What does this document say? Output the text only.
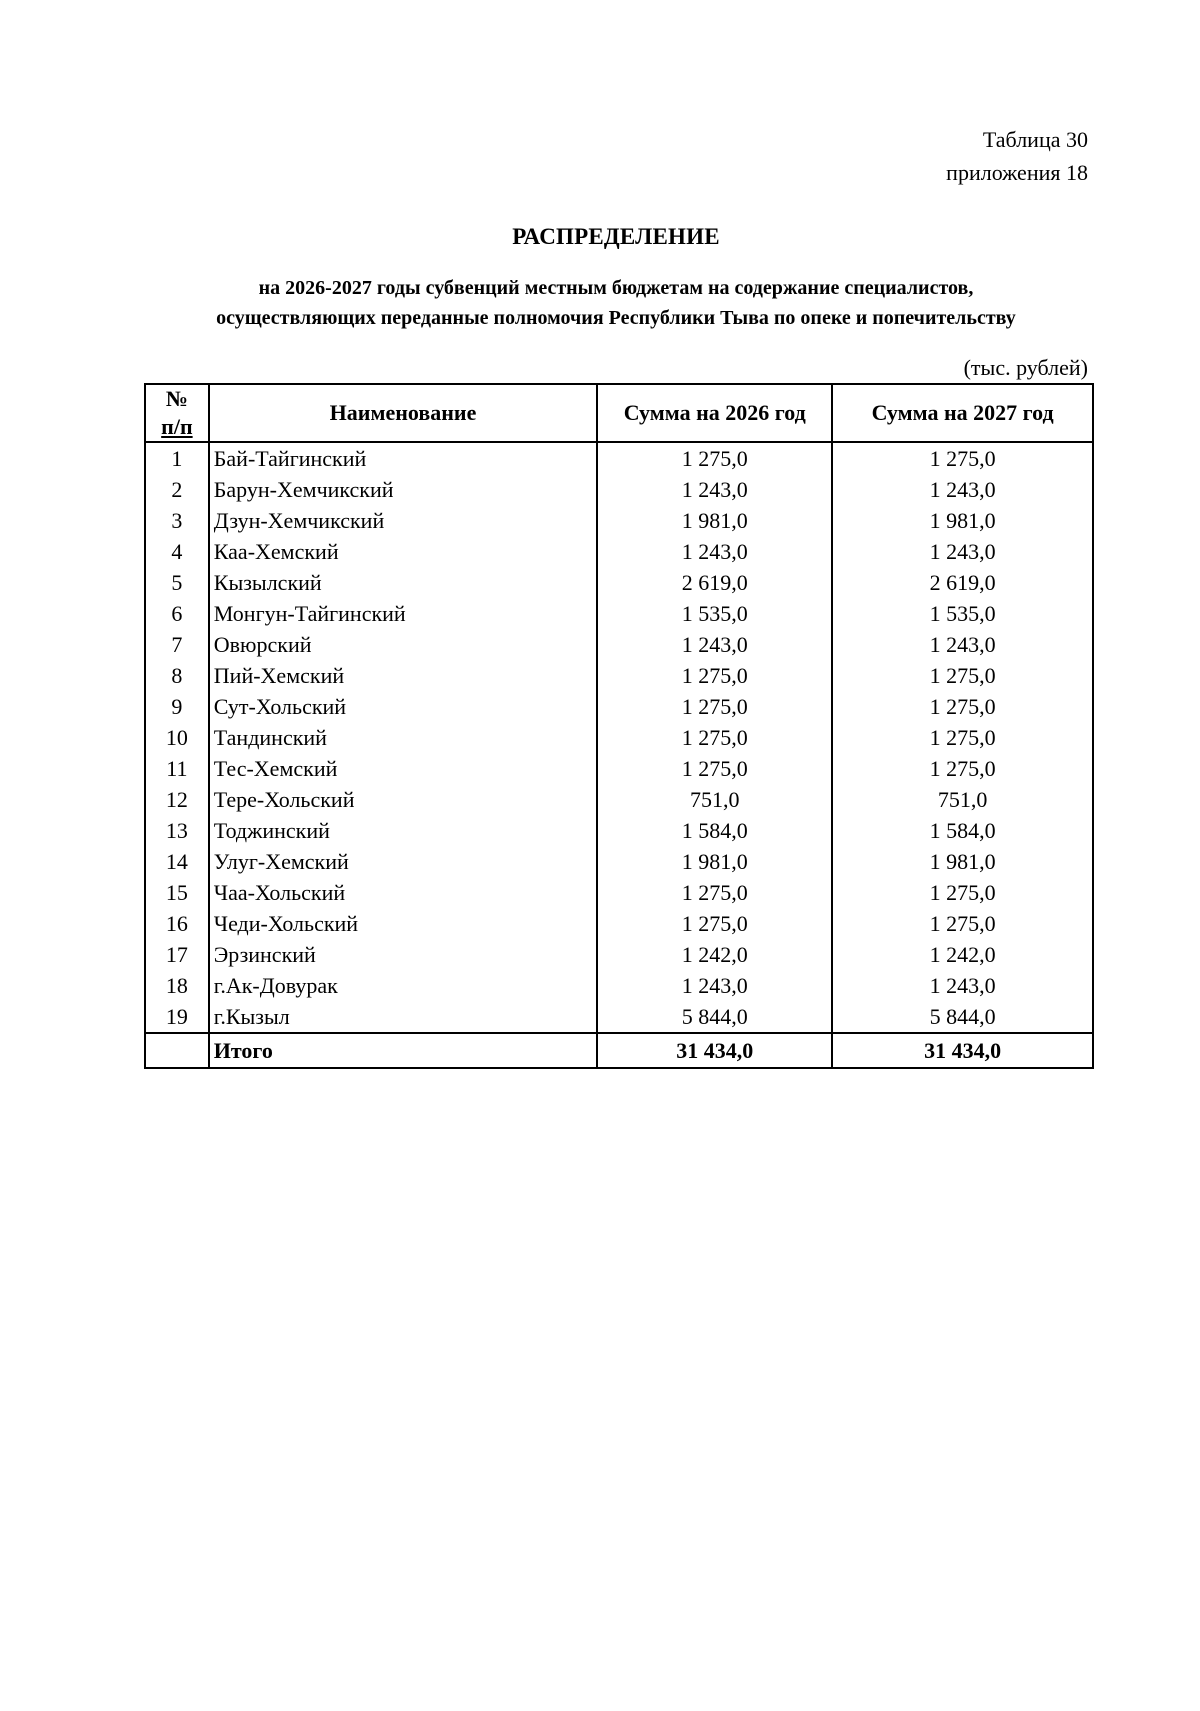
Таблица 30
приложения 18
РАСПРЕДЕЛЕНИЕ
на 2026-2027 годы субвенций местным бюджетам на содержание специалистов,
осуществляющих переданные полномочия Республики Тыва по опеке и попечительству
(тыс. рублей)
№
п/п	Наименование	Сумма на 2026 год	Сумма на 2027 год
1	Бай-Тайгинский	1 275,0	1 275,0
2	Барун-Хемчикский	1 243,0	1 243,0
3	Дзун-Хемчикский	1 981,0	1 981,0
4	Каа-Хемский	1 243,0	1 243,0
5	Кызылский	2 619,0	2 619,0
6	Монгун-Тайгинский	1 535,0	1 535,0
7	Овюрский	1 243,0	1 243,0
8	Пий-Хемский	1 275,0	1 275,0
9	Сут-Хольский	1 275,0	1 275,0
10	Тандинский	1 275,0	1 275,0
11	Тес-Хемский	1 275,0	1 275,0
12	Тере-Хольский	751,0	751,0
13	Тоджинский	1 584,0	1 584,0
14	Улуг-Хемский	1 981,0	1 981,0
15	Чаа-Хольский	1 275,0	1 275,0
16	Чеди-Хольский	1 275,0	1 275,0
17	Эрзинский	1 242,0	1 242,0
18	г.Ак-Довурак	1 243,0	1 243,0
19	г.Кызыл	5 844,0	5 844,0
	Итого	31 434,0	31 434,0
